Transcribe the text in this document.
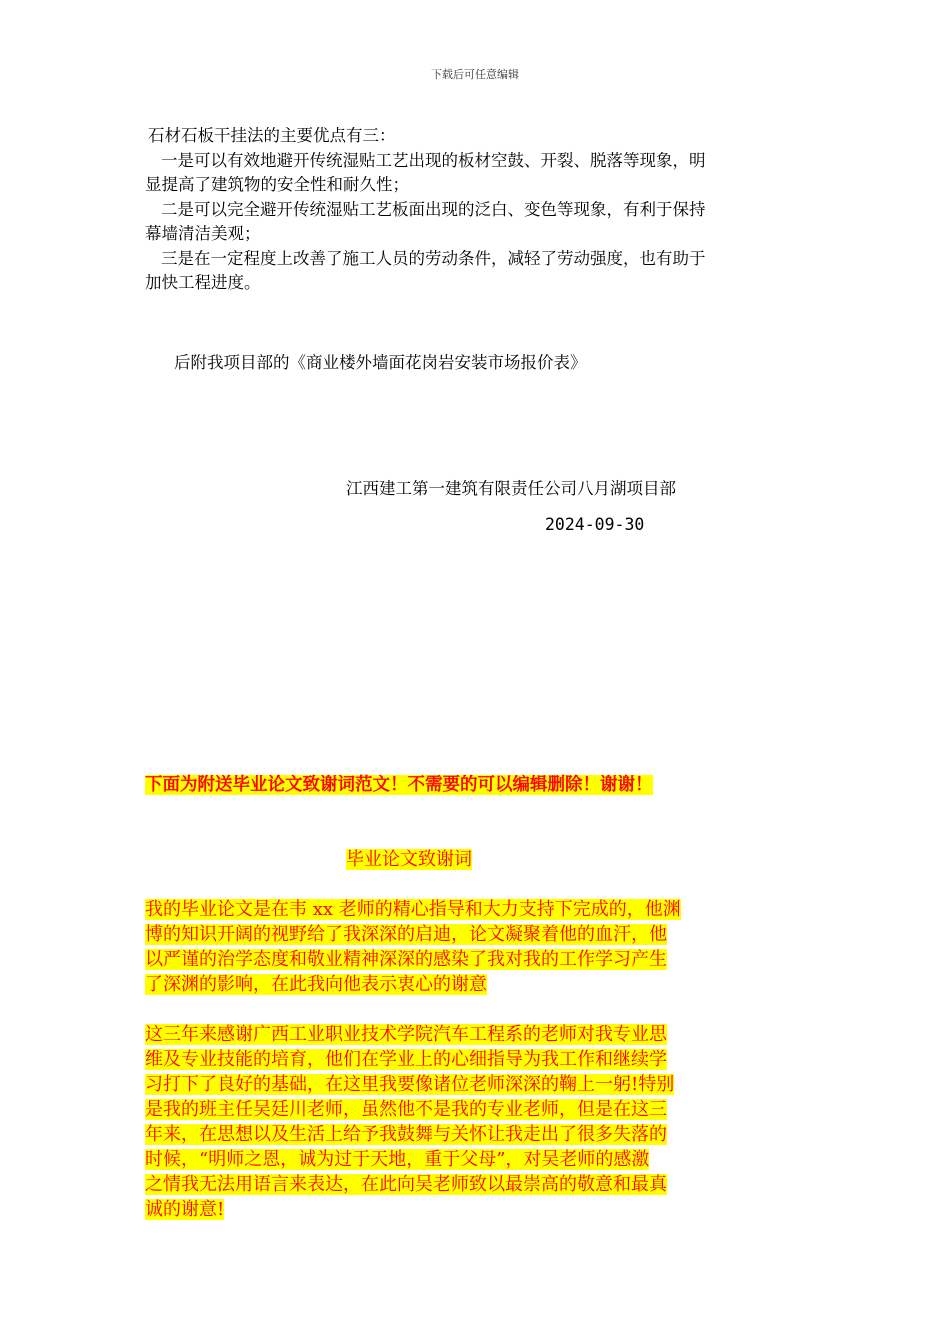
下载后可任意编辑
石材石板干挂法的主要优点有三：
一是可以有效地避开传统湿贴工艺出现的板材空鼓、开裂、脱落等现象，明
显提高了建筑物的安全性和耐久性；
二是可以完全避开传统湿贴工艺板面出现的泛白、变色等现象，有利于保持
幕墙清洁美观；
三是在一定程度上改善了施工人员的劳动条件，减轻了劳动强度，也有助于
加快工程进度。
后附我项目部的《商业楼外墙面花岗岩安装市场报价表》
江西建工第一建筑有限责任公司八月湖项目部
2024-09-30
下面为附送毕业论文致谢词范文！不需要的可以编辑删除！谢谢！
毕业论文致谢词
我的毕业论文是在韦 xx 老师的精心指导和大力支持下完成的，他渊
博的知识开阔的视野给了我深深的启迪，论文凝聚着他的血汗，他
以严谨的治学态度和敬业精神深深的感染了我对我的工作学习产生
了深渊的影响，在此我向他表示衷心的谢意
这三年来感谢广西工业职业技术学院汽车工程系的老师对我专业思
维及专业技能的培育，他们在学业上的心细指导为我工作和继续学
习打下了良好的基础，在这里我要像诸位老师深深的鞠上一躬!特别
是我的班主任吴廷川老师，虽然他不是我的专业老师，但是在这三
年来，在思想以及生活上给予我鼓舞与关怀让我走出了很多失落的
时候，“明师之恩，诚为过于天地，重于父母”，对吴老师的感激
之情我无法用语言来表达，在此向吴老师致以最崇高的敬意和最真
诚的谢意!
